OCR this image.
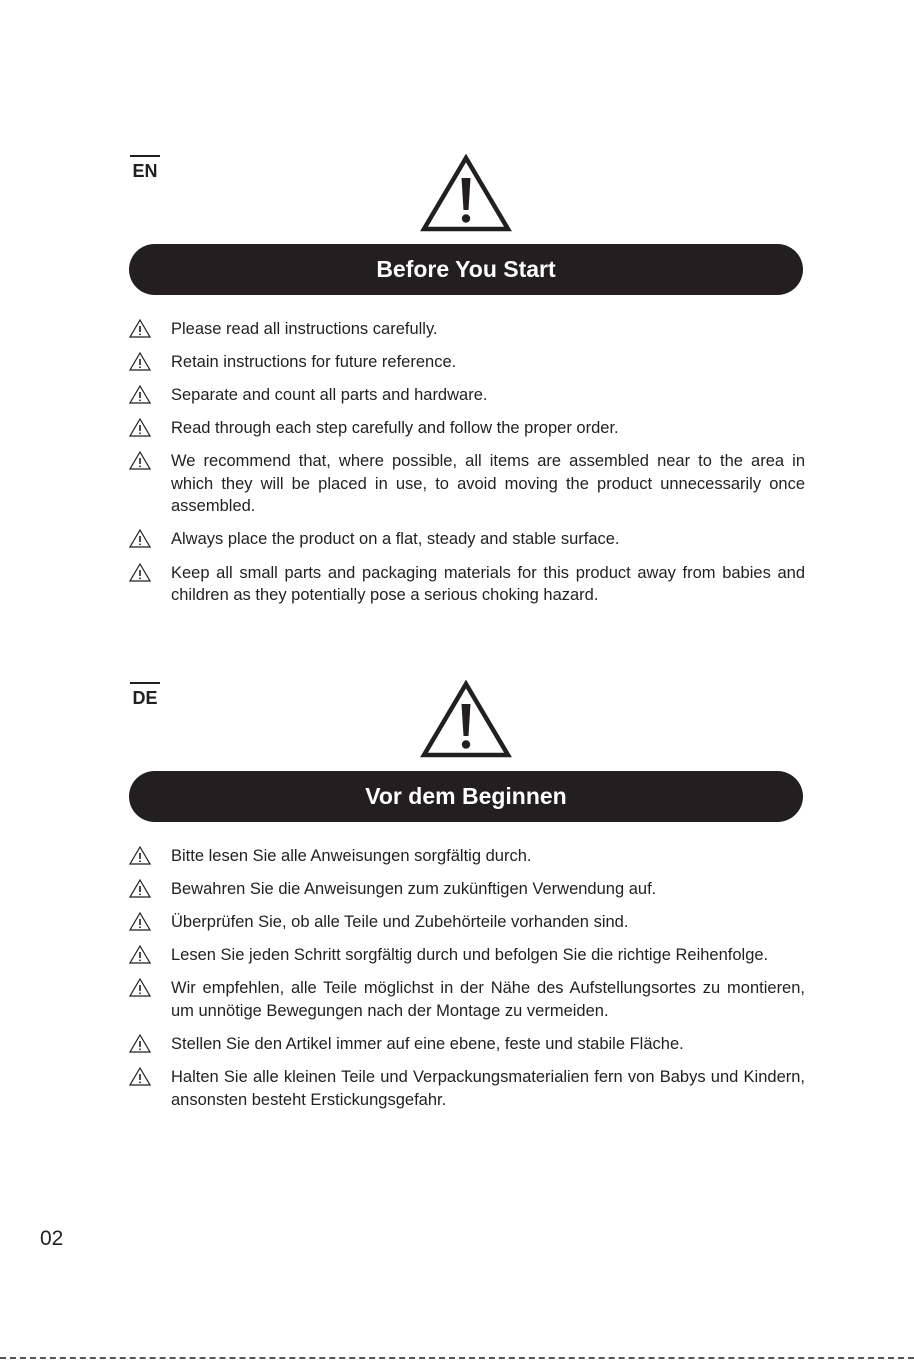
EN
Before You Start
Please read all instructions carefully.
Retain instructions for future reference.
Separate and count all parts and hardware.
Read through each step carefully and follow the proper order.
We recommend that, where possible, all items are assembled near to the area in which they will be placed in use, to avoid moving the product unnecessarily once assembled.
Always place the product on a flat, steady and stable surface.
Keep all small parts and packaging materials for this product away from babies and children as they potentially pose a serious choking hazard.
DE
Vor dem Beginnen
Bitte lesen Sie alle Anweisungen sorgfältig durch.
Bewahren Sie die Anweisungen zum zukünftigen Verwendung auf.
Überprüfen Sie, ob alle Teile und Zubehörteile vorhanden sind.
Lesen Sie jeden Schritt sorgfältig durch und befolgen Sie die richtige Reihenfolge.
Wir empfehlen, alle Teile möglichst in der Nähe des Aufstellungsortes zu montieren, um unnötige Bewegungen nach der Montage zu vermeiden.
Stellen Sie den Artikel immer auf eine ebene, feste und stabile Fläche.
Halten Sie alle kleinen Teile und Verpackungsmaterialien fern von Babys und Kindern, ansonsten besteht Erstickungsgefahr.
02
